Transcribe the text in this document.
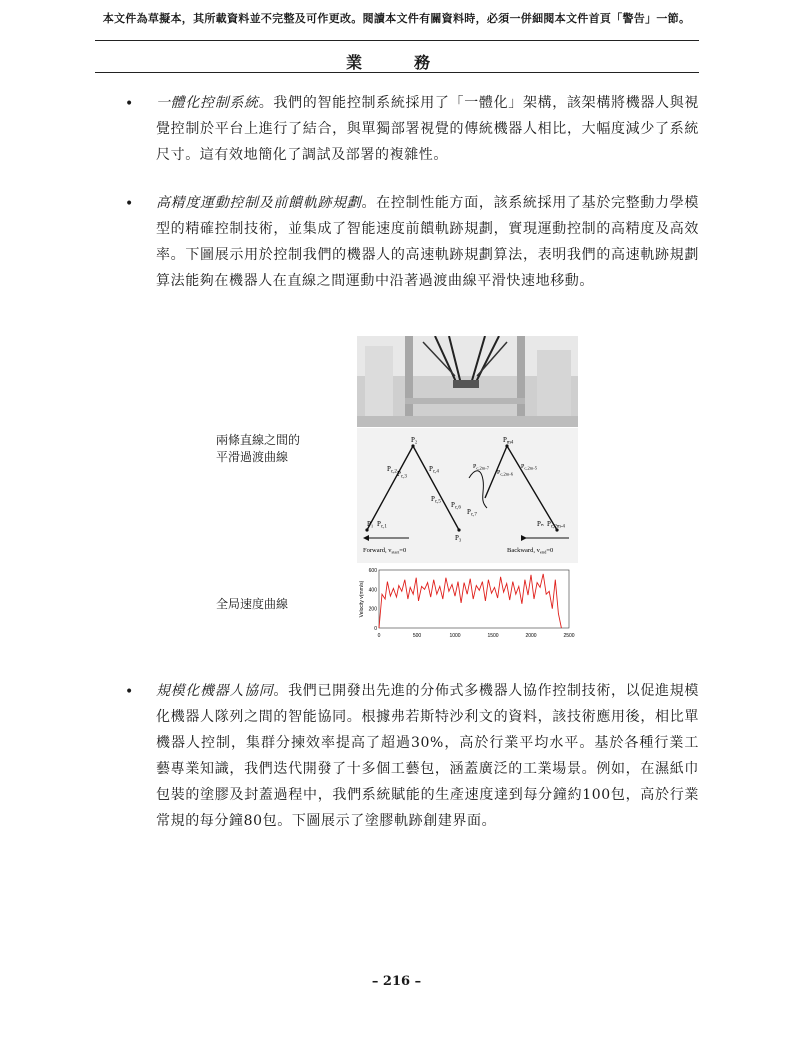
本文件為草擬本，其所載資料並不完整及可作更改。閱讀本文件有關資料時，必須一併細閱本文件首頁「警告」一節。
業　務
• 一體化控制系統。我們的智能控制系統採用了「一體化」架構，該架構將機器人與視覺控制於平台上進行了結合，與單獨部署視覺的傳統機器人相比，大幅度減少了系統尺寸。這有效地簡化了調試及部署的複雜性。
• 高精度運動控制及前饋軌跡規劃。在控制性能方面，該系統採用了基於完整動力學模型的精確控制技術，並集成了智能速度前饋軌跡規劃，實現運動控制的高精度及高效率。下圖展示用於控制我們的機器人的高速軌跡規劃算法，表明我們的高速軌跡規劃算法能夠在機器人在直線之間運動中沿著過渡曲線平滑快速地移動。
兩條直線之間的
平滑過渡曲線
P₂
$P_{c,2}$ $P_{c,3}$
$P_{c,4}$
$P_{c,5}$ $P_{c,6}$ $P_{c,7}$
P₃
$P_{m4}$
$P_{c,2m-7}$
$P_{c,2m-6}$
$P_{c,2m-5}$
P₁ $P_{c,1}$	Pₙ $P_{c,2m-4}$
Forward, $v_{start}=0$	Backward, $v_{end}=0$
全局速度曲線	Velocity v(mm/s)
0	500	1000	1500	2000	2500
0
200
400
600
• 規模化機器人協同。我們已開發出先進的分佈式多機器人協作控制技術，以促進規模化機器人隊列之間的智能協同。根據弗若斯特沙利文的資料，該技術應用後，相比單機器人控制，集群分揀效率提高了超過30%，高於行業平均水平。基於各種行業工藝專業知識，我們迭代開發了十多個工藝包，涵蓋廣泛的工業場景。例如，在濕紙巾包裝的塗膠及封蓋過程中，我們系統賦能的生產速度達到每分鐘約100包，高於行業常規的每分鐘80包。下圖展示了塗膠軌跡創建界面。
– 216 –
